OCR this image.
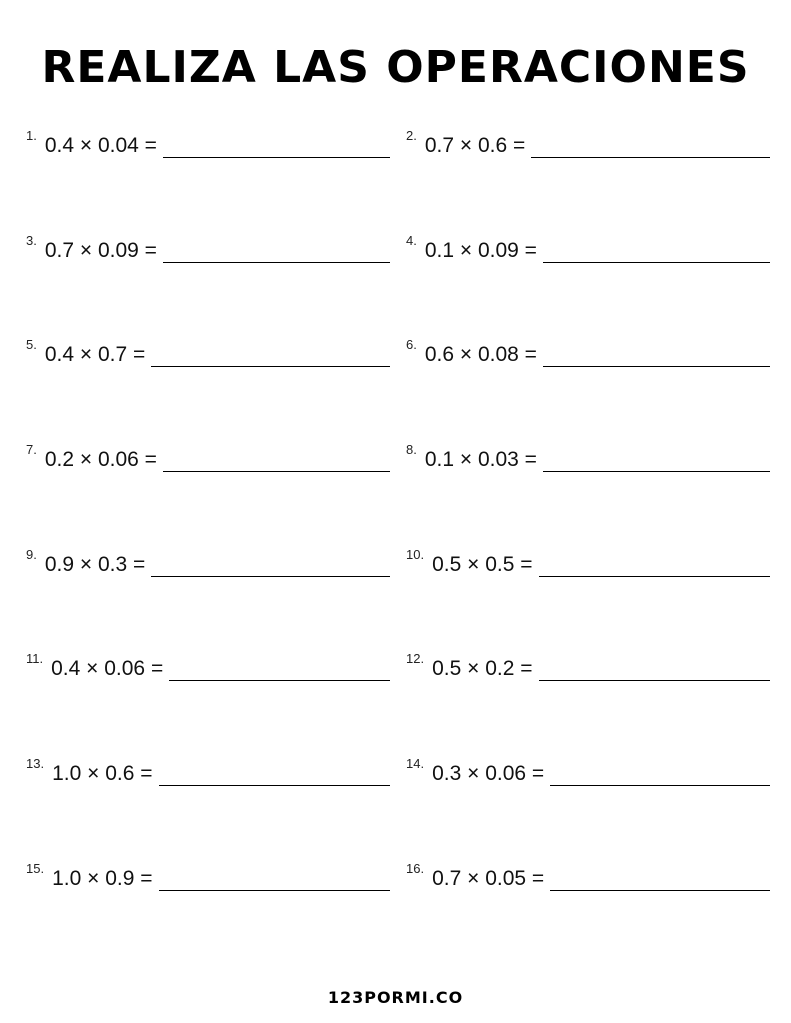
REALIZA LAS OPERACIONES
1. 0.4 × 0.04 =	2. 0.7 × 0.6 =
3. 0.7 × 0.09 =	4. 0.1 × 0.09 =
5. 0.4 × 0.7 =	6. 0.6 × 0.08 =
7. 0.2 × 0.06 =	8. 0.1 × 0.03 =
9. 0.9 × 0.3 =	10. 0.5 × 0.5 =
11. 0.4 × 0.06 =	12. 0.5 × 0.2 =
13. 1.0 × 0.6 =	14. 0.3 × 0.06 =
15. 1.0 × 0.9 =	16. 0.7 × 0.05 =
123PORMI.CO
